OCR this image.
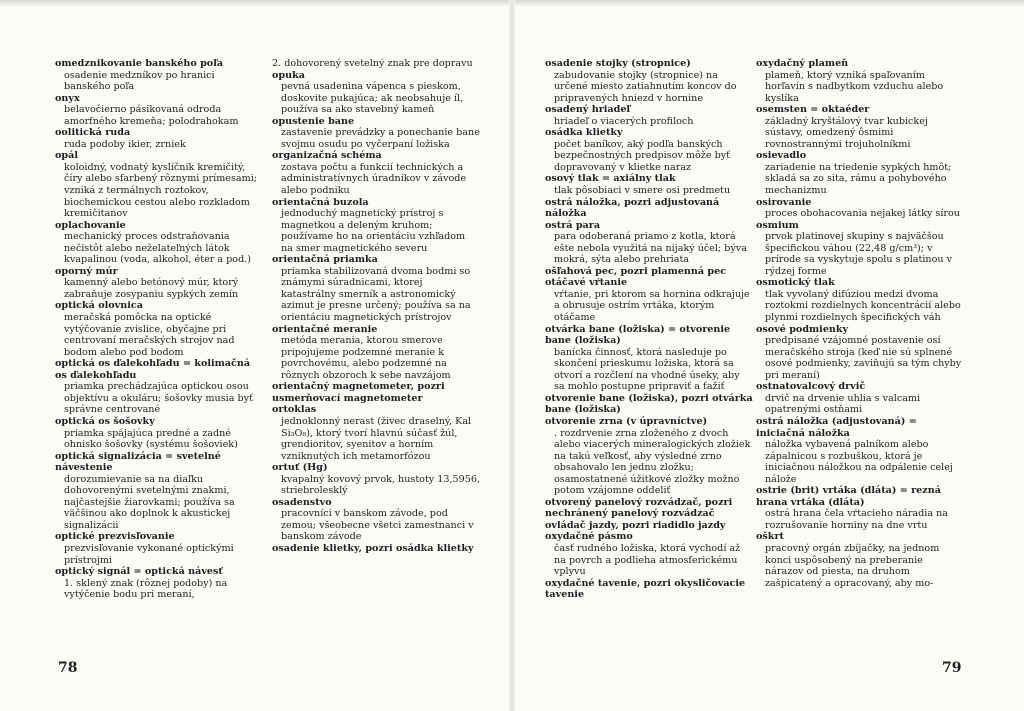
omedznikovanie banského poľa
osadenie medzníkov po hranici banského poľa
onyx
belavočierno pásikovaná odroda amorfného kremeňa; polodrahokam
oolitická ruda
ruda podoby ikier, zrniek
opál
koloidný, vodnatý kyslíčnik kremičitý, číry alebo sfarbený rôznymi prímesami; vzniká z termálnych roztokov, biochemickou cestou alebo rozkladom kremičitanov
oplachovanie
mechanický proces odstraňovania nečistôt alebo neželateľných látok kvapalinou (voda, alkohol, éter a pod.)
oporný múr
kamenný alebo betónový múr, ktorý zabraňuje zosypaniu sypkých zemín
optická olovnica
meračská pomôcka na optické vytýčovanie zvislice, obyčajne pri centrovaní meračských strojov nad bodom alebo pod bodom
optická os ďalekohľadu = kolimačná os ďalekohľadu
priamka prechádzajúca optickou osou objektívu a okuláru; šošovky musia byť správne centrované
optická os šošovky
priamka spájajúca predné a zadné ohnisko šošovky (systému šošoviek)
optická signalizácia = svetelné návestenie
dorozumievanie sa na diaľku dohovorenými svetelnými znakmi, najčastejšie žiarovkami; používa sa väčšinou ako doplnok k akustickej signalizácii
optické prezvisľovanie
prezvisľovanie vykonané optickými prístrojmi
optický signál = optická návesť
1. sklený znak (rôznej podoby) na vytýčenie bodu pri meraní,
2. dohovorený svetelný znak pre dopravu
opuka
pevná usadenina vápenca s pieskom, doskovite pukajúca; ak neobsahuje íl, používa sa ako stavebný kameň
opustenie bane
zastavenie prevádzky a ponechanie bane svojmu osudu po vyčerpaní ložiska
organizačná schéma
zostava počtu a funkcií technických a administratívnych úradníkov v závode alebo podniku
orientačná buzola
jednoduchý magnetický prístroj s magnetkou a deleným kruhom; používame ho na orientáciu vzhľadom na smer magnetického severu
orientačná priamka
priamka stabilizovaná dvoma bodmi so známymi súradnicami, ktorej katastrálny smerník a astronomický azimut je presne určený; používa sa na orientáciu magnetických prístrojov
orientačné meranie
metóda merania, ktorou smerove pripojujeme podzemné meranie k povrchovému, alebo podzemné na rôznych obzoroch k sebe navzájom
orientačný magnetometer, pozri usmerňovací magnetometer
ortoklas
jednoklonný nerast (živec draselný, Kal Si₃O₈), ktorý tvorí hlavnú súčasť žúl, grendioritov, syenitov a horním vzniknutých ich metamorfózou
ortuť (Hg)
kvapalný kovový prvok, hustoty 13,5956, striebrolesklý
osadenstvo
pracovníci v banskom závode, pod zemou; všeobecne všetci zamestnanci v banskom závode
osadenie klietky, pozri osádka klietky
osadenie stojky (stropnice)
zabudovanie stojky (stropnice) na určené miesto zatiahnutím koncov do pripravených hniezd v hornine
osadený hriadeľ
hriadeľ o viacerých profiloch
osádka klietky
počet baníkov, aký podľa banských bezpečnostných predpisov môže byť dopravovaný v klietke naraz
osový tlak = axiálny tlak
tlak pôsobiaci v smere osi predmetu
ostrá náložka, pozri adjustovaná náložka
ostrá para
para odoberaná priamo z kotla, ktorá ešte nebola využitá na nijaký účel; býva mokrá, sýta alebo prehriata
ošľahová pec, pozri plamenná pec
otáčavé vŕtanie
vŕtanie, pri ktorom sa hornina odkrajuje a obrusuje ostrím vrtáka, ktorým otáčame
otvárka bane (ložiska) = otvorenie bane (ložiska)
banícka činnosť, ktorá nasleduje po skončení prieskumu ložiska, ktorá sa otvorí a rozčlení na vhodné úseky, aby sa mohlo postupne pripraviť a ťažiť
otvorenie bane (ložiska), pozri otvárka bane (ložiska)
otvorenie zrna (v úpravníctve)
. rozdrvenie zrna zloženého z dvoch alebo viacerých mineralogických zložiek na takú veľkosť, aby výsledné zrno obsahovalo len jednu zložku; osamostatnené úžitkové zložky možno potom vzájomne oddeliť
otvorený panelový rozvádzač, pozri nechránený panelový rozvádzač
ovládač jazdy, pozri riadidlo jazdy
oxydačné pásmo
časť rudného ložiska, ktorá vychodí až na povrch a podlieha atmosferickému vplyvu
oxydačné tavenie, pozri okysličovacie tavenie
oxydačný plameň
plameň, ktorý vzniká spaľovaním horľavín s nadbytkom vzduchu alebo kyslíka
osemsten = oktaéder
základný kryštálový tvar kubickej sústavy, omedzený ôsmimi rovnostrannými trojuholníkmi
osievadlo
zariadenie na triedenie sypkých hmôt; skladá sa zo sita, rámu a pohybového mechanizmu
osirovanie
proces obohacovania nejakej látky sírou
osmium
prvok platinovej skupiny s najväčšou špecifickou váhou (22,48 g/cm³); v prírode sa vyskytuje spolu s platinou v rýdzej forme
osmotický tlak
tlak vyvolaný difúziou medzi dvoma roztokmi rozdielnych koncentrácií alebo plynmi rozdielnych špecifických váh
osové podmienky
predpisané vzájomné postavenie osí meračského stroja (keď nie sú splnené osové podmienky, zaviňujú sa tým chyby pri meraní)
ostnatovalcový drvič
drvič na drvenie uhlia s valcami opatrenými ostňami
ostrá náložka (adjustovaná) = iniciačná náložka
náložka vybavená palníkom alebo zápalnicou s rozbuškou, ktorá je iniciačnou náložkou na odpálenie celej nálože
ostrie (brit) vrtáka (dláta) = rezná hrana vrtáka (dláta)
ostrá hrana čela vŕtacieho náradia na rozrušovanie horniny na dne vrtu
oškrt
pracovný orgán zbíjačky, na jednom konci uspôsobený na preberanie nárazov od piesta, na druhom zašpicatený a opracovaný, aby mo-
78	79
